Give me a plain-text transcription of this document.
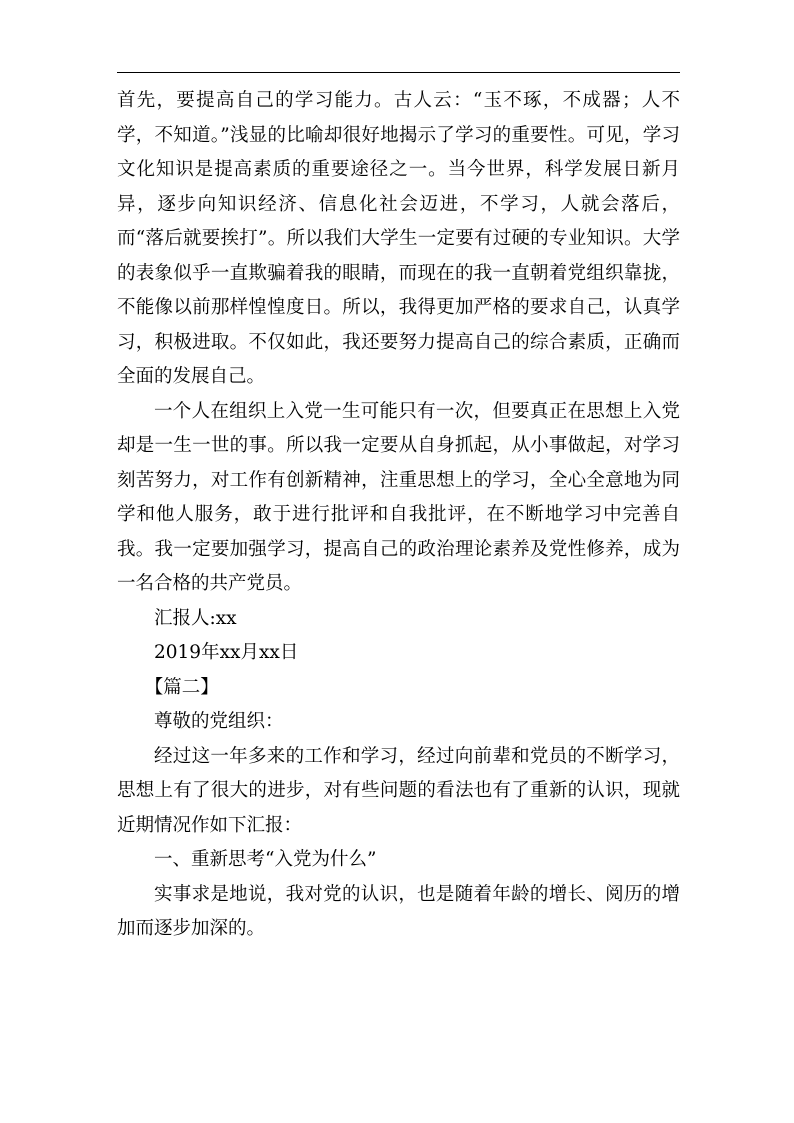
首先，要提高自己的学习能力。古人云：“玉不琢，不成器；人不学，不知道。”浅显的比喻却很好地揭示了学习的重要性。可见，学习文化知识是提高素质的重要途径之一。当今世界，科学发展日新月异，逐步向知识经济、信息化社会迈进，不学习，人就会落后，而“落后就要挨打”。所以我们大学生一定要有过硬的专业知识。大学的表象似乎一直欺骗着我的眼睛，而现在的我一直朝着党组织靠拢，不能像以前那样惶惶度日。所以，我得更加严格的要求自己，认真学习，积极进取。不仅如此，我还要努力提高自己的综合素质，正确而全面的发展自己。

一个人在组织上入党一生可能只有一次，但要真正在思想上入党却是一生一世的事。所以我一定要从自身抓起，从小事做起，对学习刻苦努力，对工作有创新精神，注重思想上的学习，全心全意地为同学和他人服务，敢于进行批评和自我批评，在不断地学习中完善自我。我一定要加强学习，提高自己的政治理论素养及党性修养，成为一名合格的共产党员。

汇报人:xx

2019年xx月xx日

【篇二】

尊敬的党组织：

经过这一年多来的工作和学习，经过向前辈和党员的不断学习，思想上有了很大的进步，对有些问题的看法也有了重新的认识，现就近期情况作如下汇报：

一、重新思考“入党为什么”

实事求是地说，我对党的认识，也是随着年龄的增长、阅历的增加而逐步加深的。
